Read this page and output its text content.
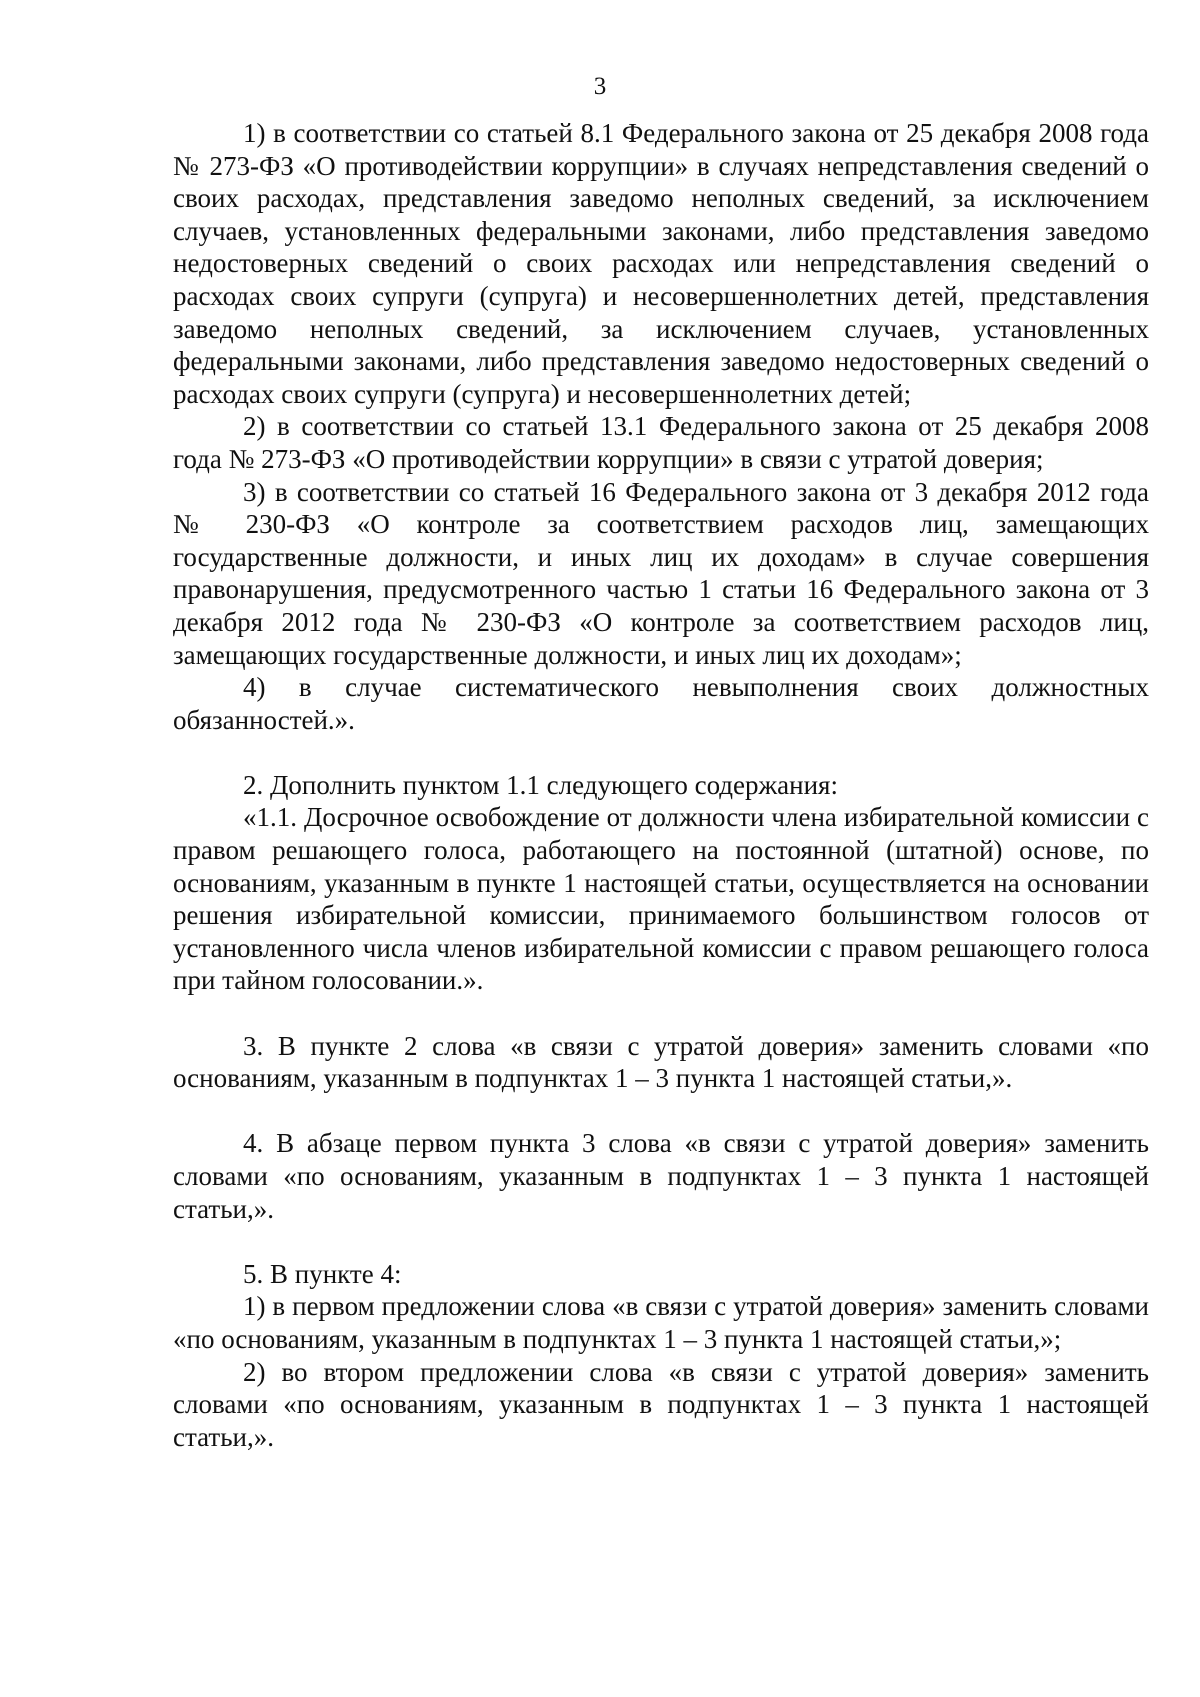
3

1) в соответствии со статьей 8.1 Федерального закона от 25 декабря 2008 года № 273-ФЗ «О противодействии коррупции» в случаях непредставления сведений о своих расходах, представления заведомо неполных сведений, за исключением случаев, установленных федеральными законами, либо представления заведомо недостоверных сведений о своих расходах или непредставления сведений о расходах своих супруги (супруга) и несовершеннолетних детей, представления заведомо неполных сведений, за исключением случаев, установленных федеральными законами, либо представления заведомо недостоверных сведений о расходах своих супруги (супруга) и несовершеннолетних детей;

2) в соответствии со статьей 13.1 Федерального закона от 25 декабря 2008 года № 273-ФЗ «О противодействии коррупции» в связи с утратой доверия;

3) в соответствии со статьей 16 Федерального закона от 3 декабря 2012 года № 230-ФЗ «О контроле за соответствием расходов лиц, замещающих государственные должности, и иных лиц их доходам» в случае совершения правонарушения, предусмотренного частью 1 статьи 16 Федерального закона от 3 декабря 2012 года № 230-ФЗ «О контроле за соответствием расходов лиц, замещающих государственные должности, и иных лиц их доходам»;

4) в случае систематического невыполнения своих должностных обязанностей.».

2. Дополнить пунктом 1.1 следующего содержания:

«1.1. Досрочное освобождение от должности члена избирательной комиссии с правом решающего голоса, работающего на постоянной (штатной) основе, по основаниям, указанным в пункте 1 настоящей статьи, осуществляется на основании решения избирательной комиссии, принимаемого большинством голосов от установленного числа членов избирательной комиссии с правом решающего голоса при тайном голосовании.».

3. В пункте 2 слова «в связи с утратой доверия» заменить словами «по основаниям, указанным в подпунктах 1 – 3 пункта 1 настоящей статьи,».

4. В абзаце первом пункта 3 слова «в связи с утратой доверия» заменить словами «по основаниям, указанным в подпунктах 1 – 3 пункта 1 настоящей статьи,».

5. В пункте 4:

1) в первом предложении слова «в связи с утратой доверия» заменить словами «по основаниям, указанным в подпунктах 1 – 3 пункта 1 настоящей статьи,»;

2) во втором предложении слова «в связи с утратой доверия» заменить словами «по основаниям, указанным в подпунктах 1 – 3 пункта 1 настоящей статьи,».
